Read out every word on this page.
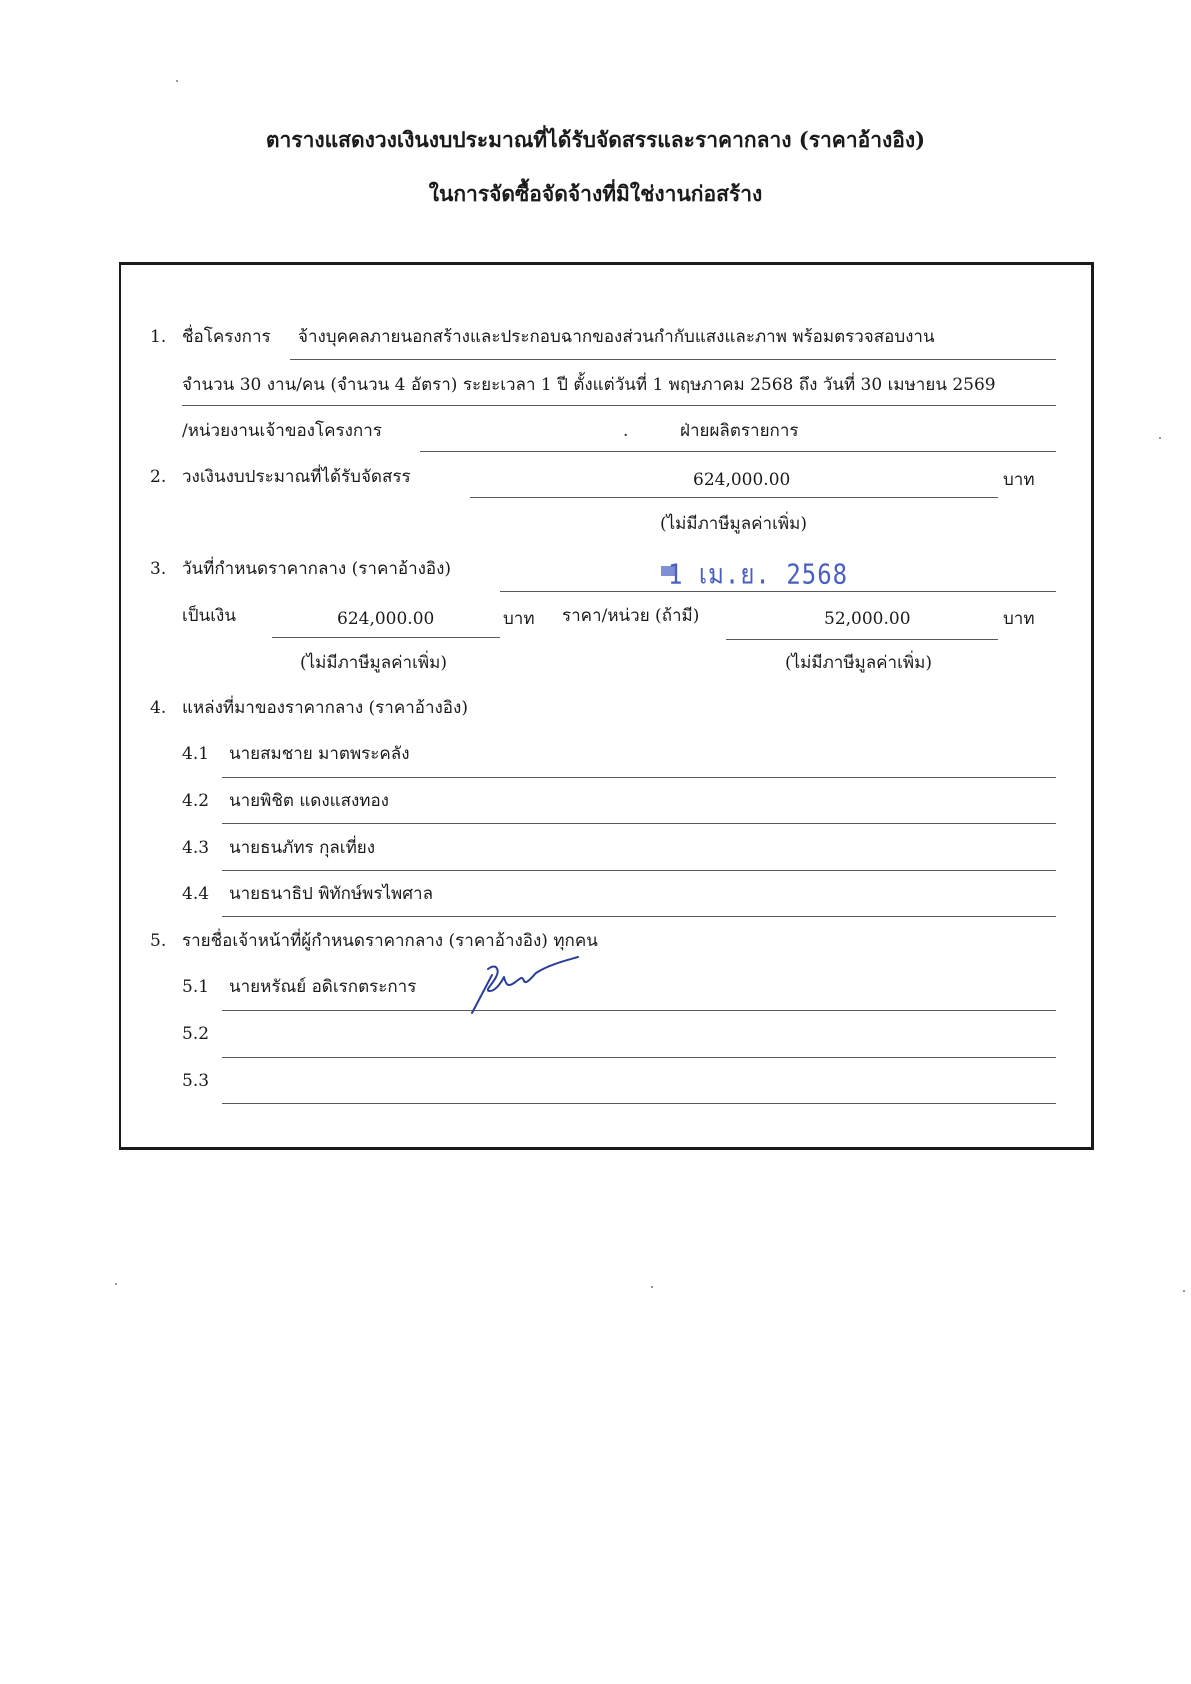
ตารางแสดงวงเงินงบประมาณที่ได้รับจัดสรรและราคากลาง (ราคาอ้างอิง)
ในการจัดซื้อจัดจ้างที่มิใช่งานก่อสร้าง
1. ชื่อโครงการ จ้างบุคคลภายนอกสร้างและประกอบฉากของส่วนกำกับแสงและภาพ พร้อมตรวจสอบงาน
จำนวน 30 งาน/คน (จำนวน 4 อัตรา) ระยะเวลา 1 ปี ตั้งแต่วันที่ 1 พฤษภาคม 2568 ถึง วันที่ 30 เมษายน 2569
/หน่วยงานเจ้าของโครงการ	.	ฝ่ายผลิตรายการ
2. วงเงินงบประมาณที่ได้รับจัดสรร	624,000.00	บาท
(ไม่มีภาษีมูลค่าเพิ่ม)
3. วันที่กำหนดราคากลาง (ราคาอ้างอิง)	1 เม.ย. 2568
เป็นเงิน	624,000.00	บาท ราคา/หน่วย (ถ้ามี)	52,000.00	บาท
(ไม่มีภาษีมูลค่าเพิ่ม)	(ไม่มีภาษีมูลค่าเพิ่ม)
4. แหล่งที่มาของราคากลาง (ราคาอ้างอิง)
4.1 นายสมชาย มาตพระคลัง
4.2 นายพิชิต แดงแสงทอง
4.3 นายธนภัทร กุลเที่ยง
4.4 นายธนาธิป พิทักษ์พรไพศาล
5. รายชื่อเจ้าหน้าที่ผู้กำหนดราคากลาง (ราคาอ้างอิง) ทุกคน
5.1 นายหรัณย์ อดิเรกตระการ
5.2
5.3
